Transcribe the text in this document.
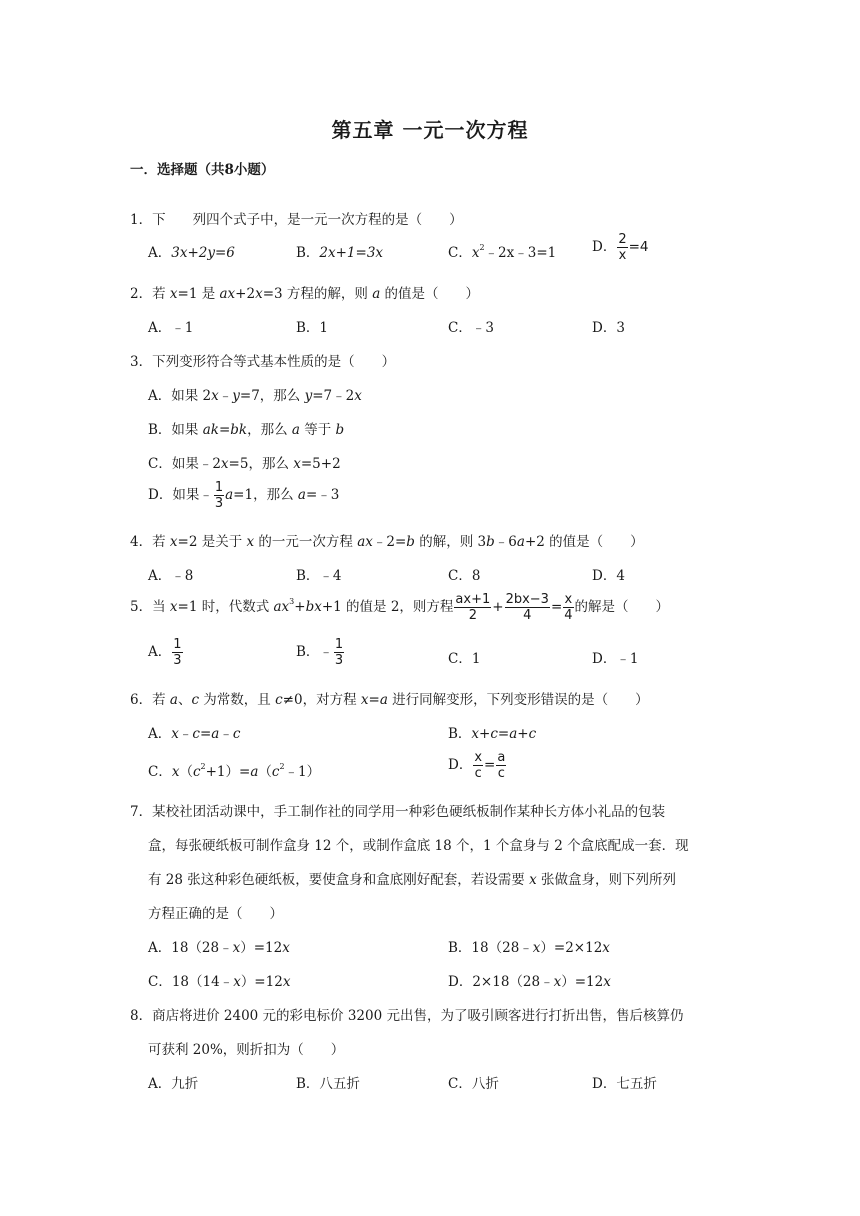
第五章 一元一次方程
一．选择题（共8小题）
1．下　　列四个式子中，是一元一次方程的是（　　）
A．3x+2y=6	B．2x+1=3x	C．$x^2﹣2x﹣3=1$	D． $\frac{2}{x} =4$
2．若 x=1 是 ax+2x=3 方程的解，则 a 的值是（　　）
A．﹣1	B．1	C．﹣3	D．3
3．下列变形符合等式基本性质的是（　　）
A．如果 2x﹣y=7，那么 y=7﹣2x
B．如果 ak=bk，那么 a 等于 b
C．如果﹣2x=5，那么 x=5+2
D．如果﹣ $\frac{1}{3} a=1$，那么 a=﹣3
4．若 x=2 是关于 x 的一元一次方程 ax﹣2=b 的解，则 3b﹣6a+2 的值是（　　）
A．﹣8	B．﹣4	C．8	D．4
5．当 x=1 时，代数式 $ax^3+bx+1$ 的值是 2，则方程 $\frac{ax+1}{2} + \frac{2bx-3}{4} = \frac{x}{4}$ 的解是（　　）
A． $\frac{1}{3}$	B．﹣ $\frac{1}{3}$	C．1	D．﹣1
6．若 a、c 为常数，且 c≠0，对方程 x=a 进行同解变形，下列变形错误的是（　　）
A．x﹣c=a﹣c	B．x+c=a+c
C．$x(c^2+1)=a(c^2﹣1)$	D． $\frac{x}{c} = \frac{a}{c}$
7．某校社团活动课中，手工制作社的同学用一种彩色硬纸板制作某种长方体小礼品的包装
盒，每张硬纸板可制作盒身 12 个，或制作盒底 18 个，1 个盒身与 2 个盒底配成一套．现
有 28 张这种彩色硬纸板，要使盒身和盒底刚好配套，若设需要 x 张做盒身，则下列所列
方程正确的是（　　）
A．18（28﹣x）=12x	B．18（28﹣x）=2×12x
C．18（14﹣x）=12x	D．2×18（28﹣x）=12x
8．商店将进价 2400 元的彩电标价 3200 元出售，为了吸引顾客进行打折出售，售后核算仍
可获利 20%，则折扣为（　　）
A．九折	B．八五折	C．八折	D．七五折
